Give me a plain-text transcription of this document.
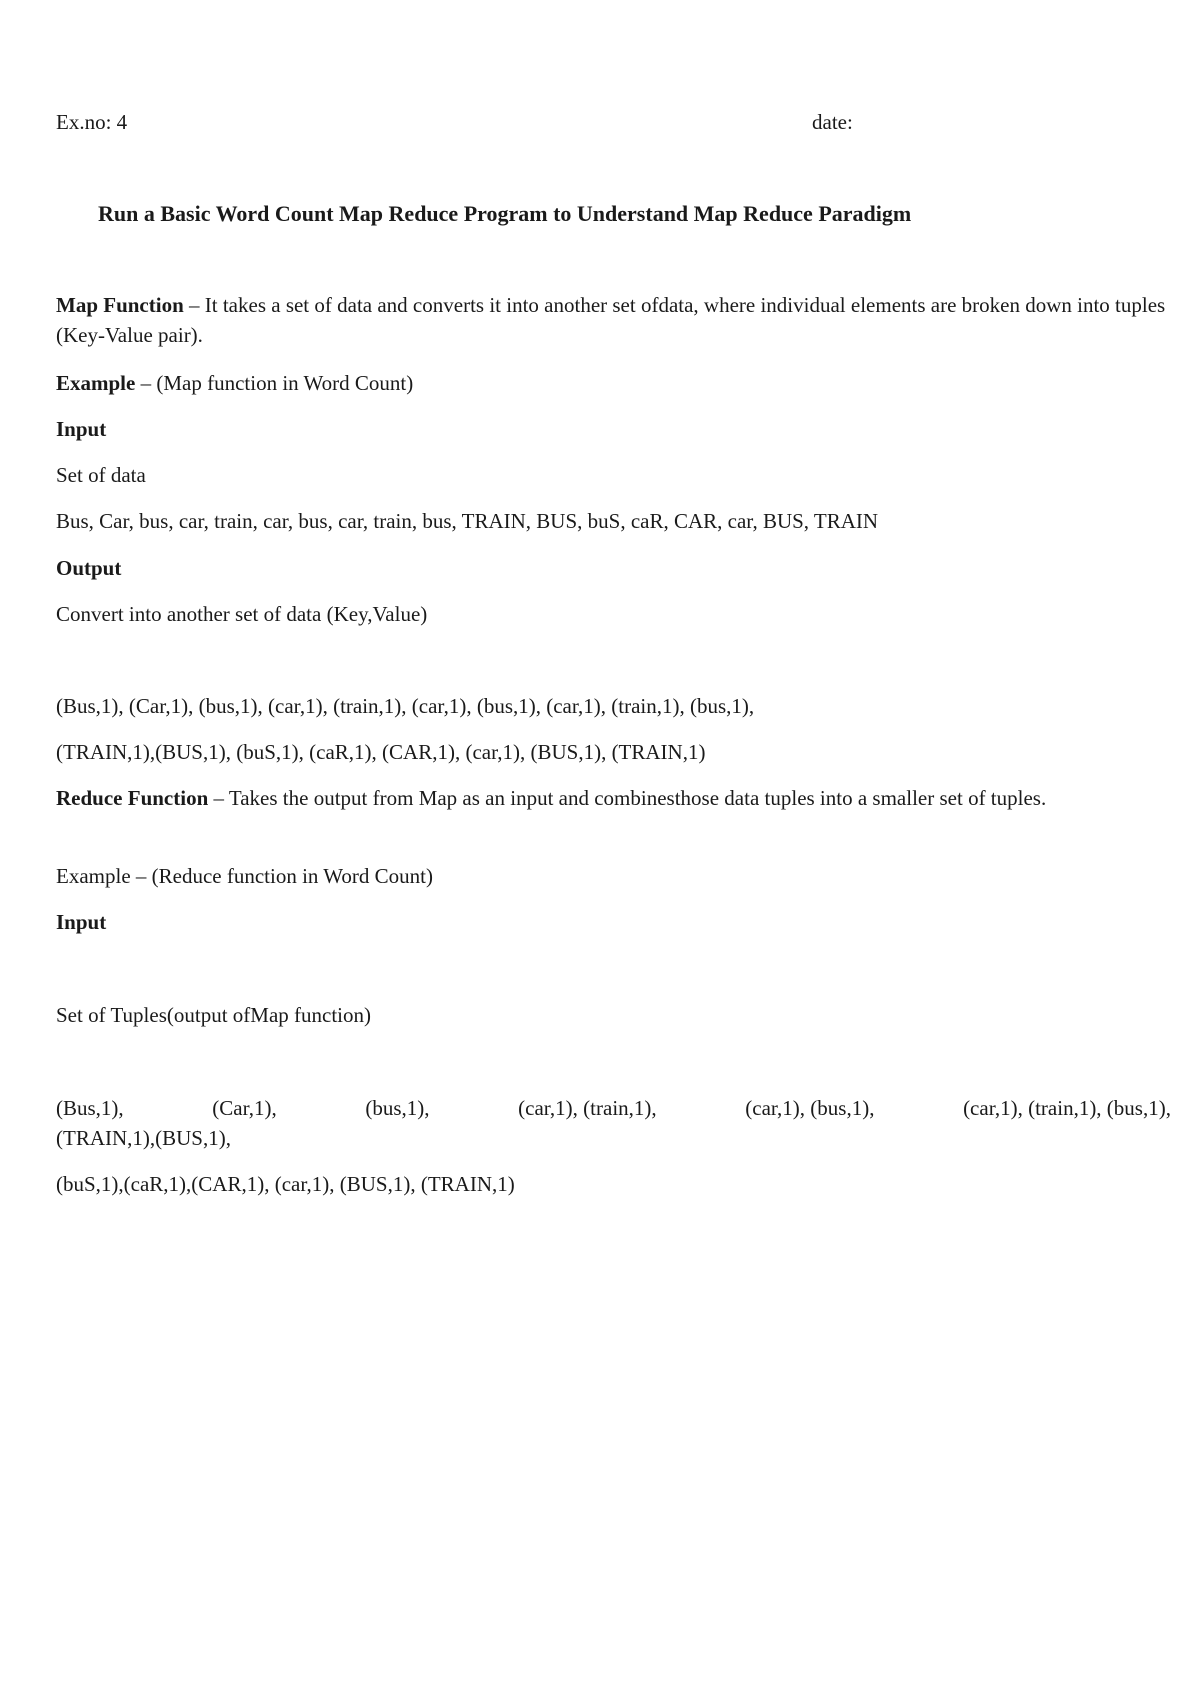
Ex.no: 4	date:
Run a Basic Word Count Map Reduce Program to Understand Map Reduce Paradigm

Map Function – It takes a set of data and converts it into another set ofdata, where individual elements are broken down into tuples (Key-Value pair).

Example – (Map function in Word Count)

Input
Set of data
Bus, Car, bus, car, train, car, bus, car, train, bus, TRAIN, BUS, buS, caR, CAR, car, BUS, TRAIN
Output
Convert into another set of data (Key,Value)
(Bus,1), (Car,1), (bus,1), (car,1), (train,1), (car,1), (bus,1), (car,1), (train,1), (bus,1),
(TRAIN,1),(BUS,1), (buS,1), (caR,1), (CAR,1), (car,1), (BUS,1), (TRAIN,1)

Reduce Function – Takes the output from Map as an input and combinesthose data tuples into a smaller set of tuples.

Example – (Reduce function in Word Count)
Input
Set of Tuples(output ofMap function)
(Bus,1),	(Car,1),	(bus,1),	(car,1), (train,1),	(car,1), (bus,1),	(car,1), (train,1), (bus,1),
(TRAIN,1),(BUS,1),
(buS,1),(caR,1),(CAR,1), (car,1), (BUS,1), (TRAIN,1)
